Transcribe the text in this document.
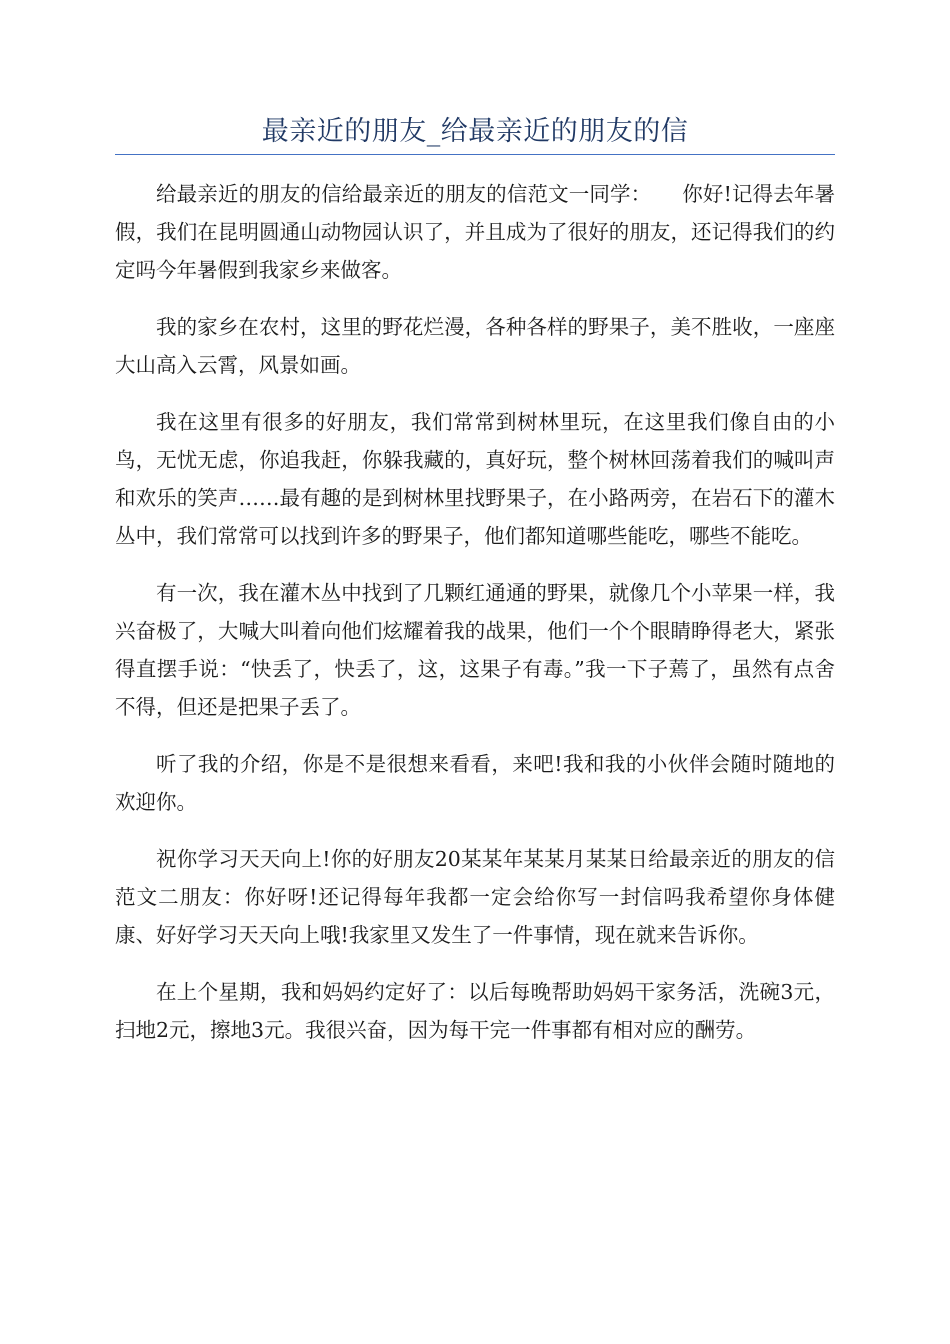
最亲近的朋友_给最亲近的朋友的信

给最亲近的朋友的信给最亲近的朋友的信范文一同学：　　你好!记得去年暑假，我们在昆明圆通山动物园认识了，并且成为了很好的朋友，还记得我们的约定吗今年暑假到我家乡来做客。

我的家乡在农村，这里的野花烂漫，各种各样的野果子，美不胜收，一座座大山高入云霄，风景如画。

我在这里有很多的好朋友，我们常常到树林里玩，在这里我们像自由的小鸟，无忧无虑，你追我赶，你躲我藏的，真好玩，整个树林回荡着我们的喊叫声和欢乐的笑声……最有趣的是到树林里找野果子，在小路两旁，在岩石下的灌木丛中，我们常常可以找到许多的野果子，他们都知道哪些能吃，哪些不能吃。

有一次，我在灌木丛中找到了几颗红通通的野果，就像几个小苹果一样，我兴奋极了，大喊大叫着向他们炫耀着我的战果，他们一个个眼睛睁得老大，紧张得直摆手说：“快丢了，快丢了，这，这果子有毒。”我一下子蔫了，虽然有点舍不得，但还是把果子丢了。

听了我的介绍，你是不是很想来看看，来吧!我和我的小伙伴会随时随地的欢迎你。

祝你学习天天向上!你的好朋友20某某年某某月某某日给最亲近的朋友的信范文二朋友：你好呀!还记得每年我都一定会给你写一封信吗我希望你身体健康、好好学习天天向上哦!我家里又发生了一件事情，现在就来告诉你。

在上个星期，我和妈妈约定好了：以后每晚帮助妈妈干家务活，洗碗3元，扫地2元，擦地3元。我很兴奋，因为每干完一件事都有相对应的酬劳。
